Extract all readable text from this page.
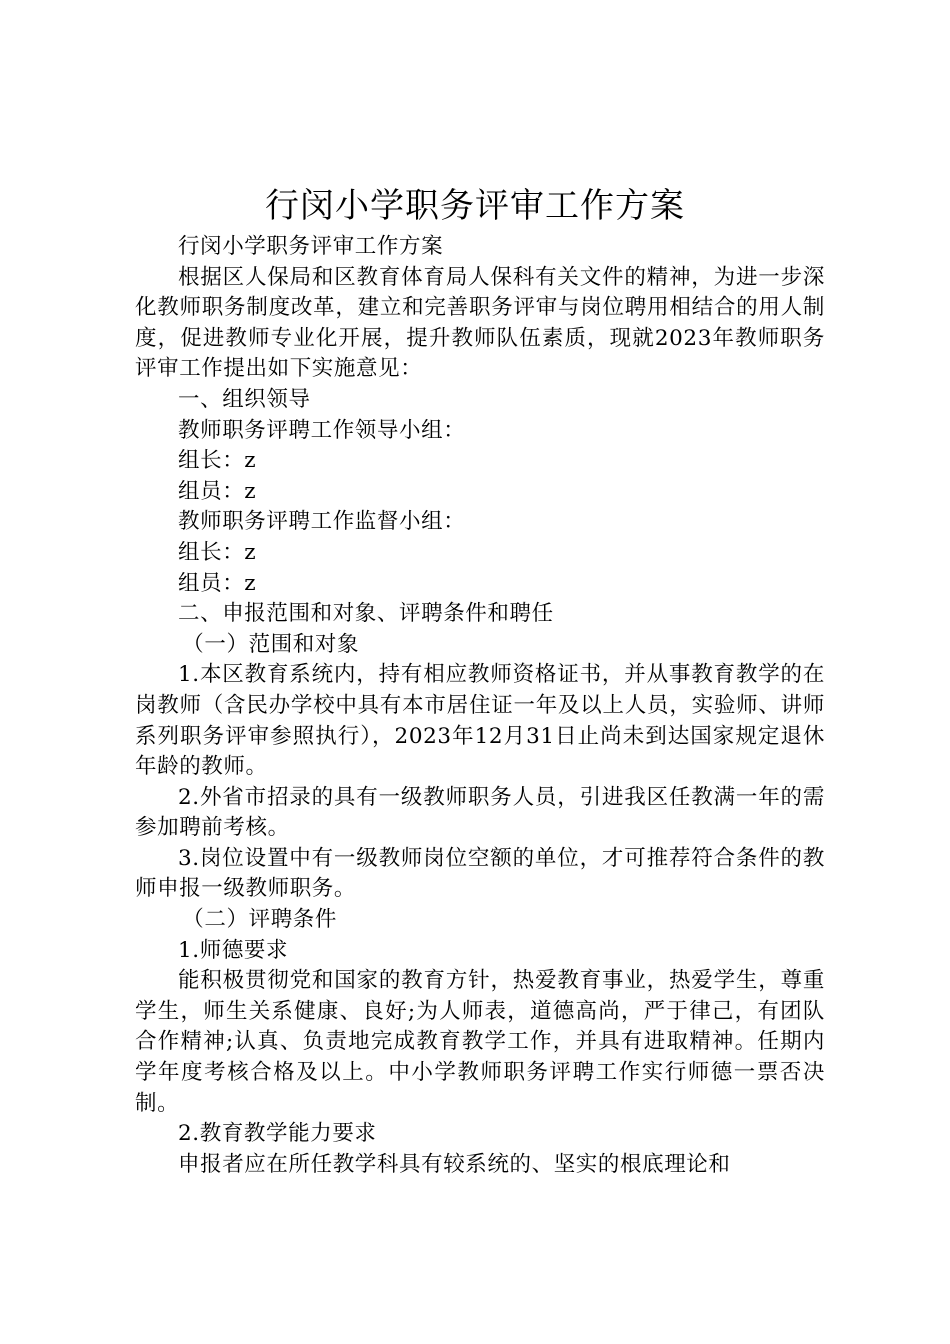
行闵小学职务评审工作方案

行闵小学职务评审工作方案

根据区人保局和区教育体育局人保科有关文件的精神，为进一步深化教师职务制度改革，建立和完善职务评审与岗位聘用相结合的用人制度，促进教师专业化开展，提升教师队伍素质，现就2023年教师职务评审工作提出如下实施意见：

一、组织领导

教师职务评聘工作领导小组：

组长：z

组员：z

教师职务评聘工作监督小组：

组长：z

组员：z

二、申报范围和对象、评聘条件和聘任

（一）范围和对象

1.本区教育系统内，持有相应教师资格证书，并从事教育教学的在岗教师（含民办学校中具有本市居住证一年及以上人员，实验师、讲师系列职务评审参照执行），2023年12月31日止尚未到达国家规定退休年龄的教师。

2.外省市招录的具有一级教师职务人员，引进我区任教满一年的需参加聘前考核。

3.岗位设置中有一级教师岗位空额的单位，才可推荐符合条件的教师申报一级教师职务。

（二）评聘条件

1.师德要求

能积极贯彻党和国家的教育方针，热爱教育事业，热爱学生，尊重学生，师生关系健康、良好;为人师表，道德高尚，严于律己，有团队合作精神;认真、负责地完成教育教学工作，并具有进取精神。任期内学年度考核合格及以上。中小学教师职务评聘工作实行师德一票否决制。

2.教育教学能力要求

申报者应在所任教学科具有较系统的、坚实的根底理论和
